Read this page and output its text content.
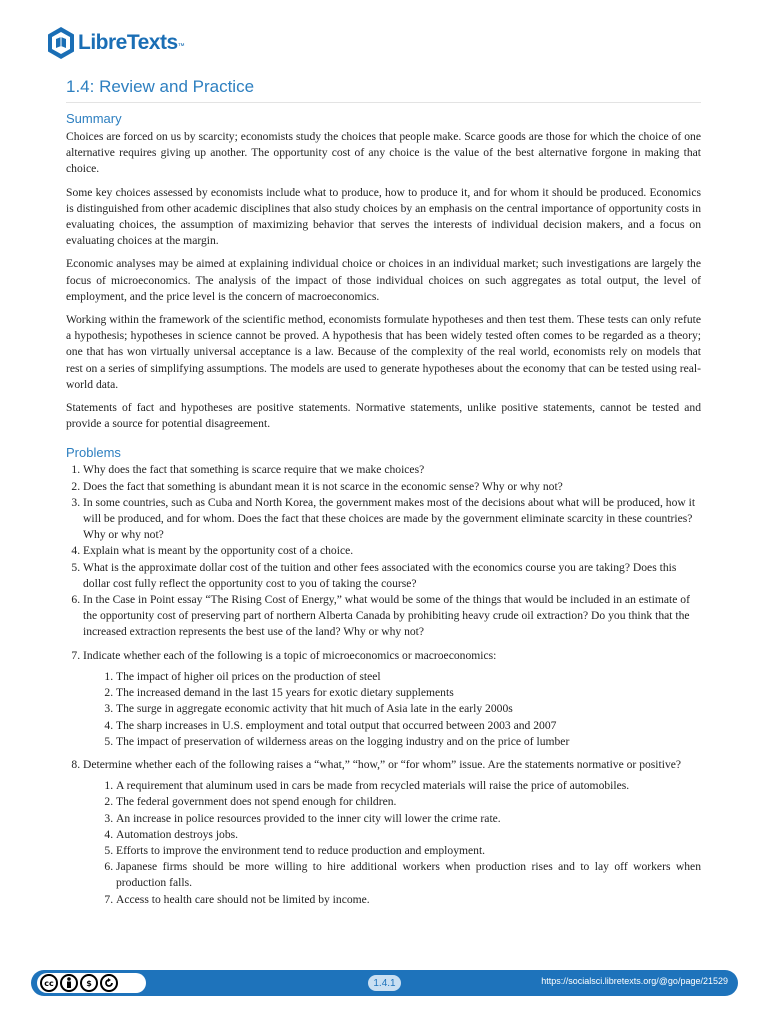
LibreTexts ™
1.4: Review and Practice
Summary

Choices are forced on us by scarcity; economists study the choices that people make. Scarce goods are those for which the choice of one alternative requires giving up another. The opportunity cost of any choice is the value of the best alternative forgone in making that choice.

Some key choices assessed by economists include what to produce, how to produce it, and for whom it should be produced. Economics is distinguished from other academic disciplines that also study choices by an emphasis on the central importance of opportunity costs in evaluating choices, the assumption of maximizing behavior that serves the interests of individual decision makers, and a focus on evaluating choices at the margin.

Economic analyses may be aimed at explaining individual choice or choices in an individual market; such investigations are largely the focus of microeconomics. The analysis of the impact of those individual choices on such aggregates as total output, the level of employment, and the price level is the concern of macroeconomics.

Working within the framework of the scientific method, economists formulate hypotheses and then test them. These tests can only refute a hypothesis; hypotheses in science cannot be proved. A hypothesis that has been widely tested often comes to be regarded as a theory; one that has won virtually universal acceptance is a law. Because of the complexity of the real world, economists rely on models that rest on a series of simplifying assumptions. The models are used to generate hypotheses about the economy that can be tested using real-world data.

Statements of fact and hypotheses are positive statements. Normative statements, unlike positive statements, cannot be tested and provide a source for potential disagreement.

Problems
1. Why does the fact that something is scarce require that we make choices?
2. Does the fact that something is abundant mean it is not scarce in the economic sense? Why or why not?
3. In some countries, such as Cuba and North Korea, the government makes most of the decisions about what will be produced, how it will be produced, and for whom. Does the fact that these choices are made by the government eliminate scarcity in these countries? Why or why not?
4. Explain what is meant by the opportunity cost of a choice.
5. What is the approximate dollar cost of the tuition and other fees associated with the economics course you are taking? Does this dollar cost fully reflect the opportunity cost to you of taking the course?
6. In the Case in Point essay “The Rising Cost of Energy,” what would be some of the things that would be included in an estimate of the opportunity cost of preserving part of northern Alberta Canada by prohibiting heavy crude oil extraction? Do you think that the increased extraction represents the best use of the land? Why or why not?
7. Indicate whether each of the following is a topic of microeconomics or macroeconomics:
1. The impact of higher oil prices on the production of steel
2. The increased demand in the last 15 years for exotic dietary supplements
3. The surge in aggregate economic activity that hit much of Asia late in the early 2000s
4. The sharp increases in U.S. employment and total output that occurred between 2003 and 2007
5. The impact of preservation of wilderness areas on the logging industry and on the price of lumber
8. Determine whether each of the following raises a “what,” “how,” or “for whom” issue. Are the statements normative or positive?
1. A requirement that aluminum used in cars be made from recycled materials will raise the price of automobiles.
2. The federal government does not spend enough for children.
3. An increase in police resources provided to the inner city will lower the crime rate.
4. Automation destroys jobs.
5. Efforts to improve the environment tend to reduce production and employment.
6. Japanese firms should be more willing to hire additional workers when production rises and to lay off workers when production falls.
7. Access to health care should not be limited by income.
cc	$	1.4.1	https://socialsci.libretexts.org/@go/page/21529
